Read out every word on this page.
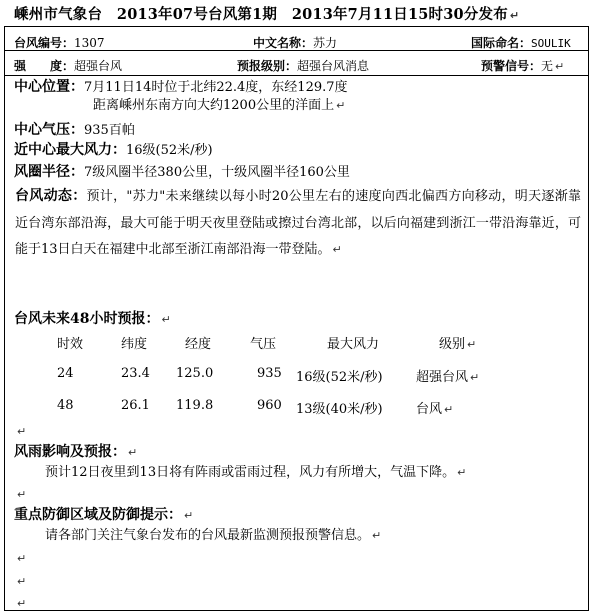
嵊州市气象台　2013年07号台风第1期　2013年7月11日15时30分发布 ↵
台风编号：1307	中文名称：苏力	国际命名：SOULIK
强　　度：超强台风	预报级别：超强台风消息	预警信号：无 ↵
中心位置：7月11日14时位于北纬22.4度，东经129.7度
距离嵊州东南方向大约1200公里的洋面上 ↵
中心气压：935百帕
近中心最大风力：16级(52米/秒)
风圈半径：7级风圈半径380公里，十级风圈半径160公里
台风动态：预计，"苏力"未来继续以每小时20公里左右的速度向西北偏西方向移动，明天逐渐靠近台湾东部沿海，最大可能于明天夜里登陆或擦过台湾北部，以后向福建到浙江一带沿海靠近，可能于13日白天在福建中北部至浙江南部沿海一带登陆。 ↵
台风未来48小时预报： ↵
时效	纬度	经度	气压	最大风力	级别 ↵
24	23.4 125.0	935 16级(52米/秒)	超强台风 ↵
48	26.1 119.8	960 13级(40米/秒)	台风 ↵
↵
风雨影响及预报： ↵
预计12日夜里到13日将有阵雨或雷雨过程，风力有所增大，气温下降。 ↵
↵
重点防御区域及防御提示： ↵
请各部门关注气象台发布的台风最新监测预报预警信息。 ↵
↵
↵
↵
